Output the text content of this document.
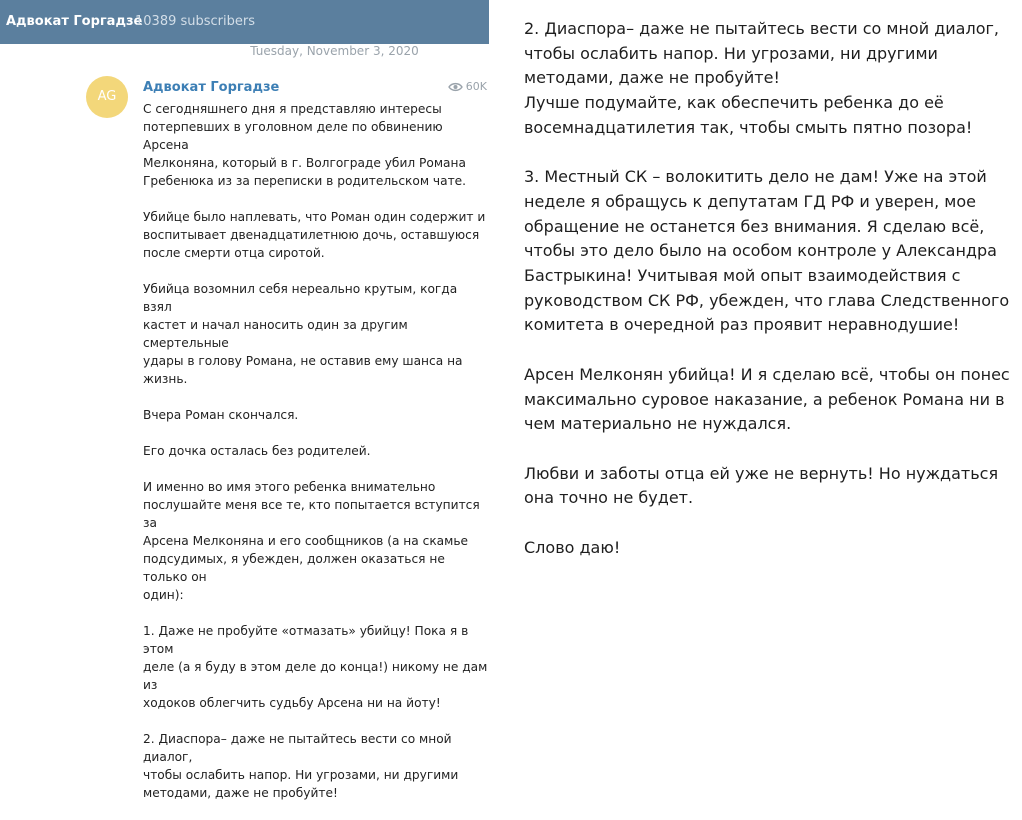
Адвокат Горгадзе
10389 subscribers
Tuesday, November 3, 2020
AG
Адвокат Горгадзе	60K

С сегодняшнего дня я представляю интересы
потерпевших в уголовном деле по обвинению Арсена
Мелконяна, который в г. Волгограде убил Романа
Гребенюка из за переписки в родительском чате.

Убийце было наплевать, что Роман один содержит и
воспитывает двенадцатилетнюю дочь, оставшуюся
после смерти отца сиротой.

Убийца возомнил себя нереально крутым, когда взял
кастет и начал наносить один за другим смертельные
удары в голову Романа, не оставив ему шанса на жизнь.

Вчера Роман скончался.

Его дочка осталась без родителей.

И именно во имя этого ребенка внимательно
послушайте меня все те, кто попытается вступится за
Арсена Мелконяна и его сообщников (а на скамье
подсудимых, я убежден, должен оказаться не только он
один):

1. Даже не пробуйте «отмазать» убийцу! Пока я в этом
деле (а я буду в этом деле до конца!) никому не дам из
ходоков облегчить судьбу Арсена ни на йоту!

2. Диаспора– даже не пытайтесь вести со мной диалог,
чтобы ослабить напор. Ни угрозами, ни другими
методами, даже не пробуйте!

2. Диаспора– даже не пытайтесь вести со мной диалог,
чтобы ослабить напор. Ни угрозами, ни другими
методами, даже не пробуйте!
Лучше подумайте, как обеспечить ребенка до её
восемнадцатилетия так, чтобы смыть пятно позора!

3. Местный СК – волокитить дело не дам! Уже на этой
неделе я обращусь к депутатам ГД РФ и уверен, мое
обращение не останется без внимания. Я сделаю всё,
чтобы это дело было на особом контроле у Александра
Бастрыкина! Учитывая мой опыт взаимодействия с
руководством СК РФ, убежден, что глава Следственного
комитета в очередной раз проявит неравнодушие!

Арсен Мелконян убийца! И я сделаю всё, чтобы он понес
максимально суровое наказание, а ребенок Романа ни в
чем материально не нуждался.

Любви и заботы отца ей уже не вернуть! Но нуждаться
она точно не будет.

Слово даю!
